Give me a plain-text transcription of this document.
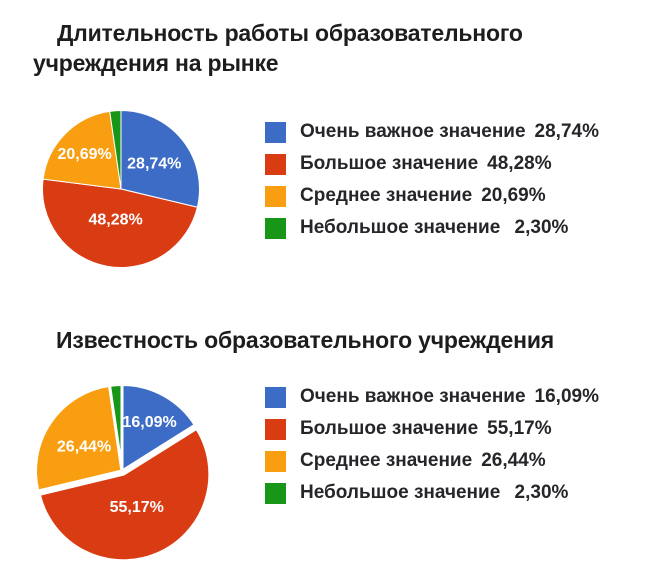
Длительность работы образовательного
учреждения на рынке
28,74%
48,28%
20,69%
Очень важное значение 28,74%
Большое значение 48,28%
Среднее значение 20,69%
Небольшое значение 2,30%
Известность образовательного учреждения
16,09%
55,17%
26,44%
Очень важное значение 16,09%
Большое значение 55,17%
Среднее значение 26,44%
Небольшое значение 2,30%
